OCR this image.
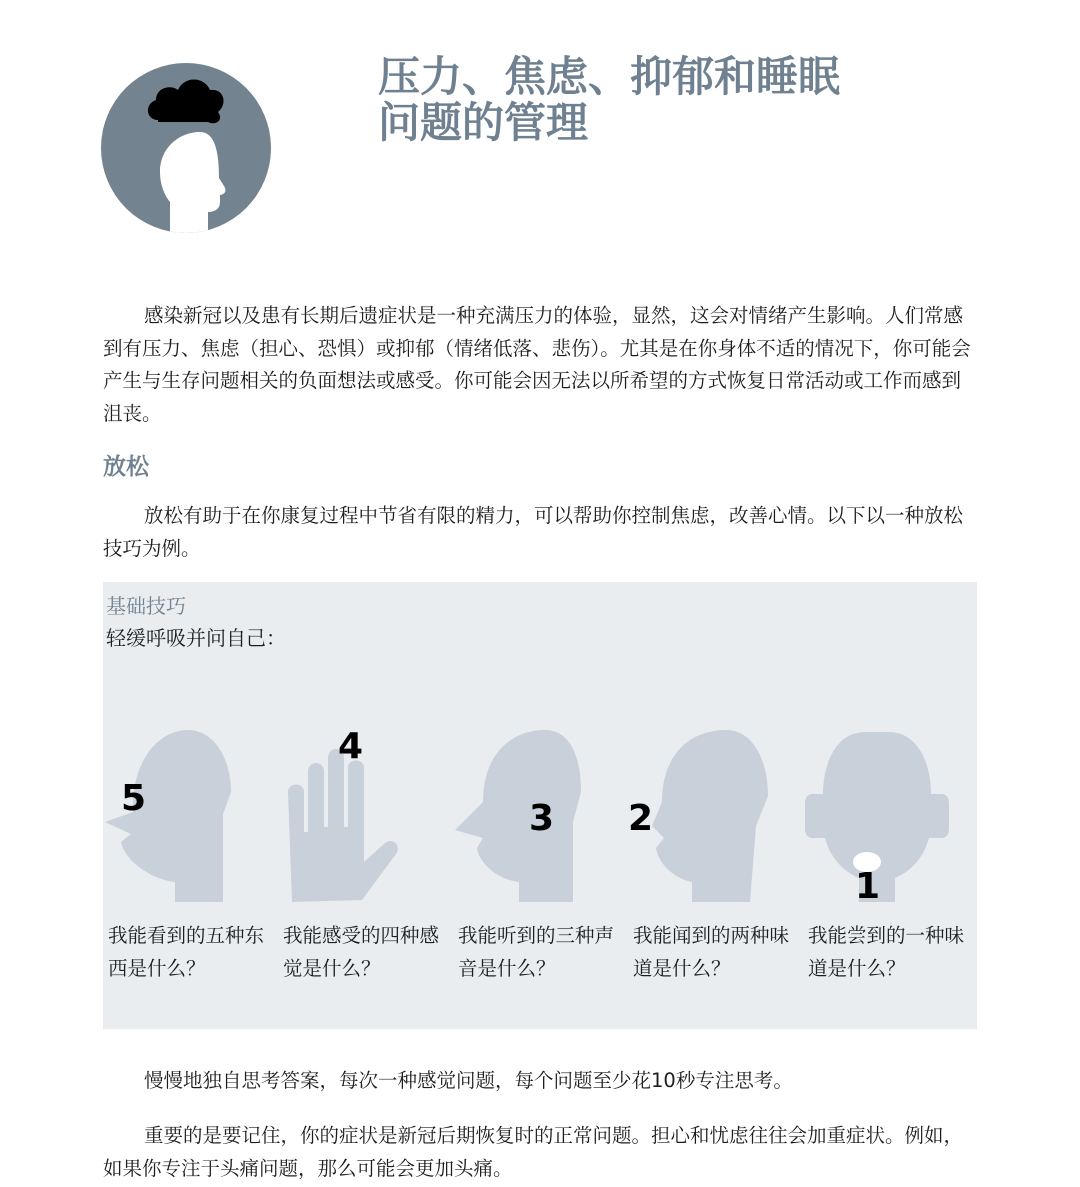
压力、焦虑、抑郁和睡眠
问题的管理

感染新冠以及患有长期后遗症状是一种充满压力的体验，显然，这会对情绪产生影响。人们常感到有压力、焦虑（担心、恐惧）或抑郁（情绪低落、悲伤）。尤其是在你身体不适的情况下，你可能会产生与生存问题相关的负面想法或感受。你可能会因无法以所希望的方式恢复日常活动或工作而感到沮丧。

放松

放松有助于在你康复过程中节省有限的精力，可以帮助你控制焦虑，改善心情。以下以一种放松技巧为例。

基础技巧
轻缓呼吸并问自己：
5
我能看到的五种东西是什么？
4
我能感受的四种感觉是什么？
3
我能听到的三种声音是什么？
2
我能闻到的两种味道是什么？
1
我能尝到的一种味道是什么？

慢慢地独自思考答案，每次一种感觉问题，每个问题至少花10秒专注思考。

重要的是要记住，你的症状是新冠后期恢复时的正常问题。担心和忧虑往往会加重症状。例如，如果你专注于头痛问题，那么可能会更加头痛。
